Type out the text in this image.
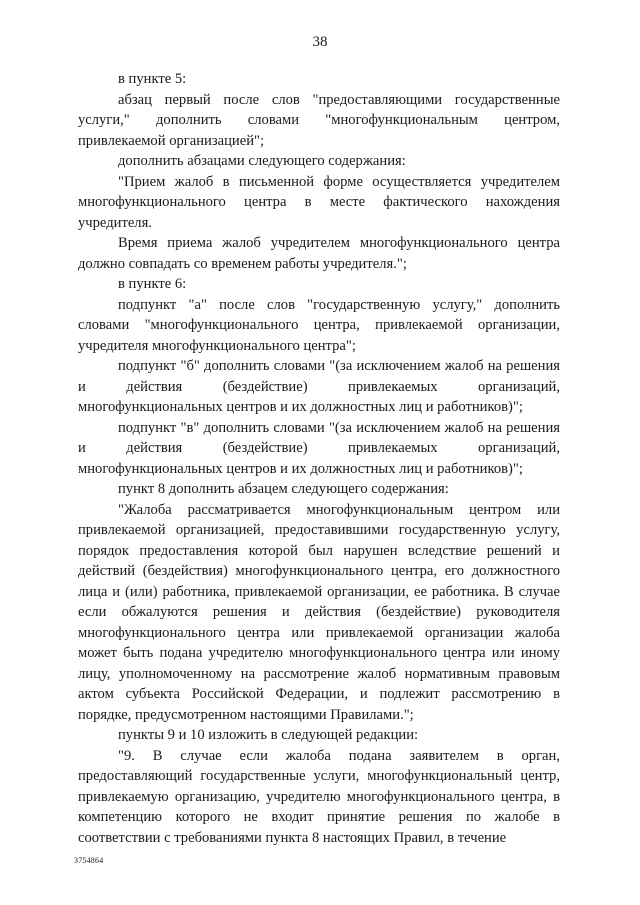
38

в пункте 5:

абзац первый после слов "предоставляющими государственные услуги," дополнить словами "многофункциональным центром, привлекаемой организацией";

дополнить абзацами следующего содержания:

"Прием жалоб в письменной форме осуществляется учредителем многофункционального центра в месте фактического нахождения учредителя.

Время приема жалоб учредителем многофункционального центра должно совпадать со временем работы учредителя.";

в пункте 6:

подпункт "а" после слов "государственную услугу," дополнить словами "многофункционального центра, привлекаемой организации, учредителя многофункционального центра";

подпункт "б" дополнить словами "(за исключением жалоб на решения и действия (бездействие) привлекаемых организаций, многофункциональных центров и их должностных лиц и работников)";

подпункт "в" дополнить словами "(за исключением жалоб на решения и действия (бездействие) привлекаемых организаций, многофункциональных центров и их должностных лиц и работников)";

пункт 8 дополнить абзацем следующего содержания:

"Жалоба рассматривается многофункциональным центром или привлекаемой организацией, предоставившими государственную услугу, порядок предоставления которой был нарушен вследствие решений и действий (бездействия) многофункционального центра, его должностного лица и (или) работника, привлекаемой организации, ее работника. В случае если обжалуются решения и действия (бездействие) руководителя многофункционального центра или привлекаемой организации жалоба может быть подана учредителю многофункционального центра или иному лицу, уполномоченному на рассмотрение жалоб нормативным правовым актом субъекта Российской Федерации, и подлежит рассмотрению в порядке, предусмотренном настоящими Правилами.";

пункты 9 и 10 изложить в следующей редакции:

"9. В случае если жалоба подана заявителем в орган, предоставляющий государственные услуги, многофункциональный центр, привлекаемую организацию, учредителю многофункционального центра, в компетенцию которого не входит принятие решения по жалобе в соответствии с требованиями пункта 8 настоящих Правил, в течение

3754864
